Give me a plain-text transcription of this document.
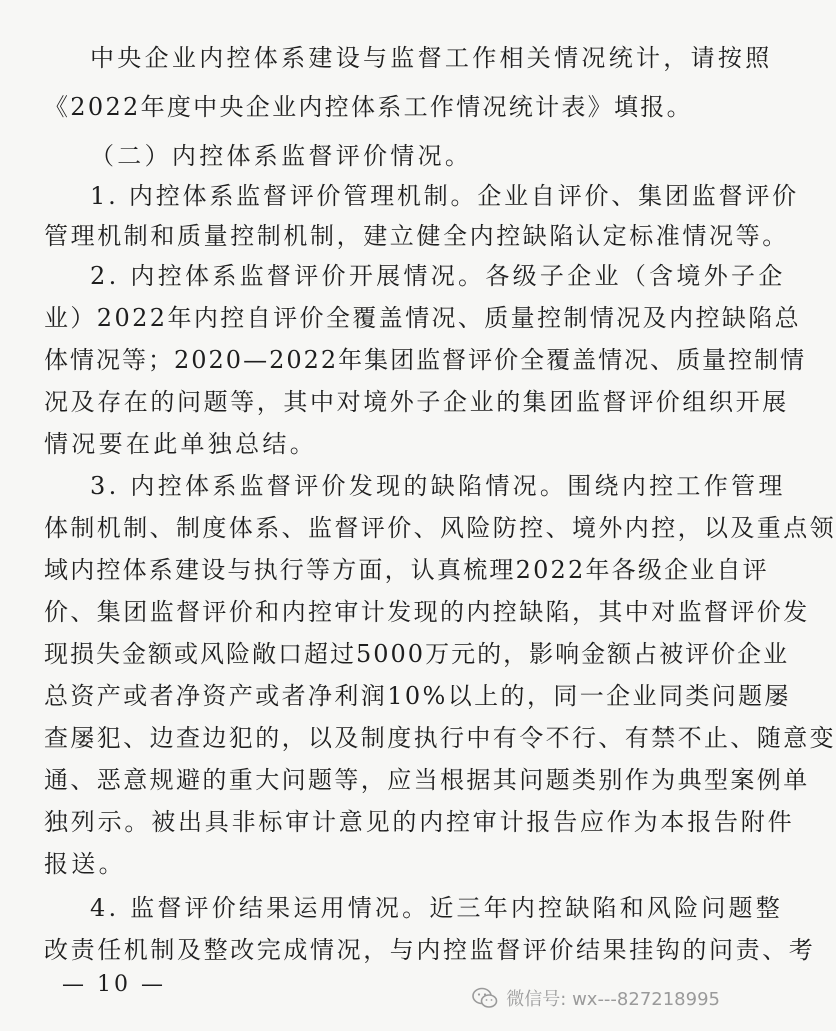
中央企业内控体系建设与监督工作相关情况统计，请按照
《2022年度中央企业内控体系工作情况统计表》填报。
（二）内控体系监督评价情况。
1. 内控体系监督评价管理机制。企业自评价、集团监督评价
管理机制和质量控制机制，建立健全内控缺陷认定标准情况等。
2. 内控体系监督评价开展情况。各级子企业（含境外子企
业）2022年内控自评价全覆盖情况、质量控制情况及内控缺陷总
体情况等；2020—2022年集团监督评价全覆盖情况、质量控制情
况及存在的问题等，其中对境外子企业的集团监督评价组织开展
情况要在此单独总结。
3. 内控体系监督评价发现的缺陷情况。围绕内控工作管理
体制机制、制度体系、监督评价、风险防控、境外内控，以及重点领
域内控体系建设与执行等方面，认真梳理2022年各级企业自评
价、集团监督评价和内控审计发现的内控缺陷，其中对监督评价发
现损失金额或风险敞口超过5000万元的，影响金额占被评价企业
总资产或者净资产或者净利润10%以上的，同一企业同类问题屡
查屡犯、边查边犯的，以及制度执行中有令不行、有禁不止、随意变
通、恶意规避的重大问题等，应当根据其问题类别作为典型案例单
独列示。被出具非标审计意见的内控审计报告应作为本报告附件
报送。
4. 监督评价结果运用情况。近三年内控缺陷和风险问题整
改责任机制及整改完成情况，与内控监督评价结果挂钩的问责、考
— 10 —
微信号: wx---827218995
